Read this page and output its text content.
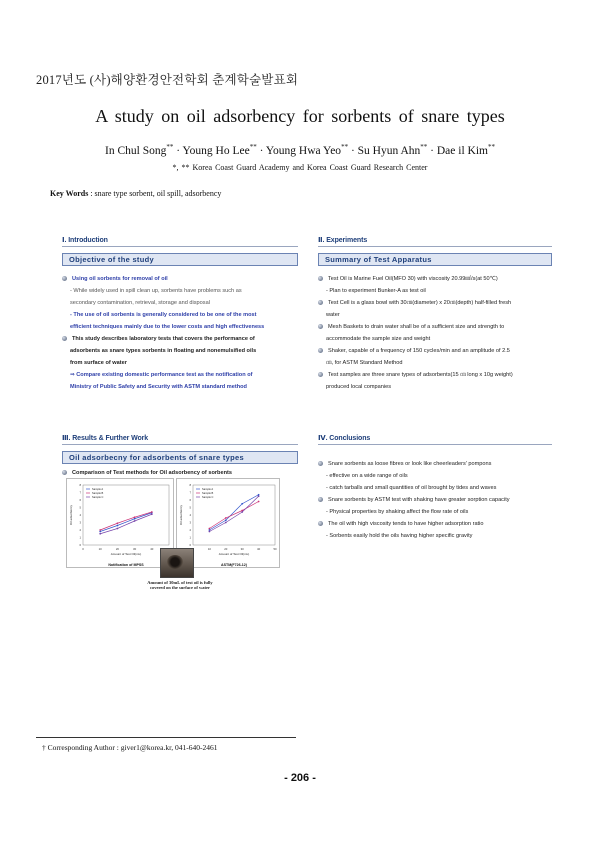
2017년도 (사)해양환경안전학회 춘계학술발표회
A study on oil adsorbency for sorbents of snare types
In Chul Song** · Young Ho Lee** · Young Hwa Yeo** · Su Hyun Ahn** · Dae il Kim**
*, ** Korea Coast Guard Academy and Korea Coast Guard Research Center
Key Words : snare type sorbent, oil spill, adsorbency
Ⅰ. Introduction
Objective of the study
Using oil sorbents for removal of oil
- While widely used in spill clean up, sorbents have problems such as
secondary contamination, retrieval, storage and disposal
- The use of oil sorbents is generally considered to be one of the most
efficient techniques mainly due to the lower costs and high effectiveness
This study describes laboratory tests that covers the performance of
adsorbents as snare types sorbents in floating and nonemulsified oils
from surface of water
⇒ Compare existing domestic performance test as the notification of
Ministry of Public Safety and Security with ASTM standard method
Ⅱ. Experiments
Summary of Test Apparatus
Test Oil is Marine Fuel Oil(MFO 30) with viscosity 20.99㎟/s(at 50℃)
- Plan to experiment Bunker-A as test oil
Test Cell is a glass bowl with 30㎝(diameter) x 20㎝(depth) half-filled fresh
water
Mesh Baskets to drain water shall be of a sufficient size and strength to
accommodate the sample size and weight
Shaker, capable of a frequency of 150 cycles/min and an amplitude of 2.5
㎝, for ASTM Standard Method
Test samples are three snare types of adsorbents(15 ㎝ long x 10g weight)
produced local companies
Ⅲ. Results & Further Work
Oil adsorbecny for adsorbents of snare types
Comparison of Test methods for Oil adsorbency of sorbents
0	10	20	30	40
0
1
2
3
4
5
6
7
8
Amount of Test Oil(mL)
Oil adsorbency
Notification of MPSS
Sample A
Sample B
Sample C
10	20	30	40	50
0
1
2
3
4
5
6
7
8
Amount of Test Oil(mL)
Oil adsorbency
ASTM(F726-12)
Sample A
Sample B
Sample C
Amount of 30mL of test oil is fully
covered on the surface of water
Ⅳ. Conclusions
Snare sorbents as loose fibres or look like cheerleaders' pompons
- effective on a wide range of oils
- catch tarballs and small quantities of oil brought by tides and waves
Snare sorbents by ASTM test with shaking have greater sorption capacity
- Physical properties by shaking affect the flow rate of oils
The oil with high viscosity tends to have higher adsorption ratio
- Sorbents easily hold the oils having higher specific gravity
† Corresponding Author : giver1@korea.kr, 041-640-2461
- 206 -
